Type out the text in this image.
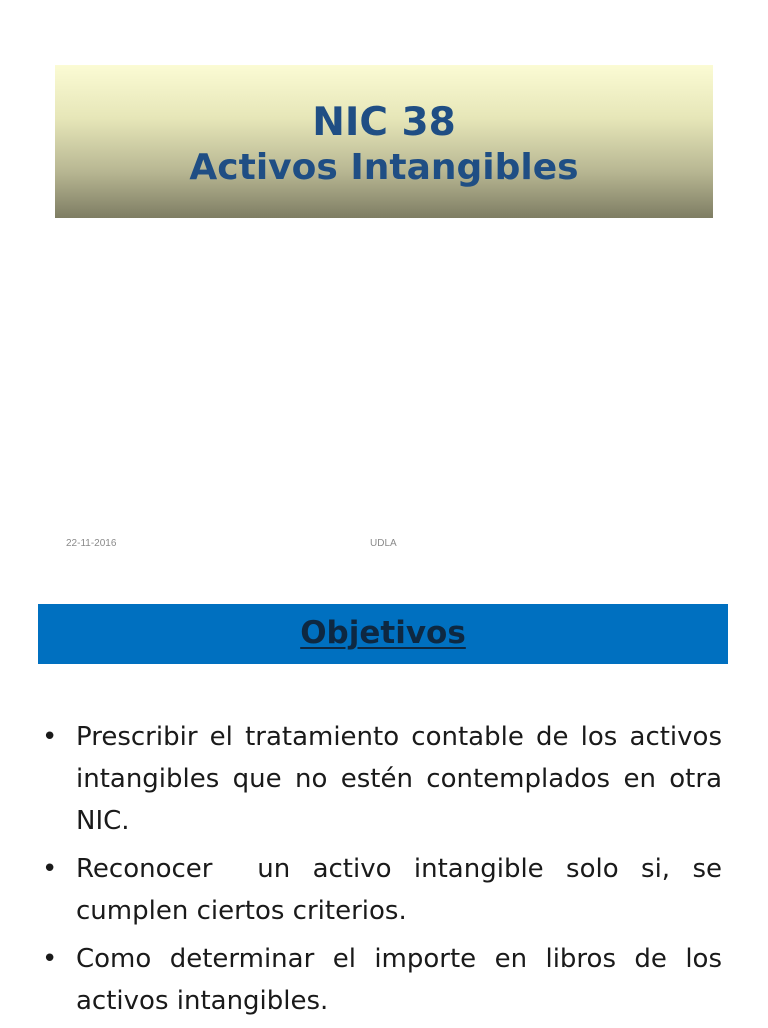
NIC 38
Activos Intangibles
22-11-2016	UDLA
Objetivos
• Prescribir el tratamiento contable de los activos intangibles que no estén contemplados en otra NIC.
• Reconocer  un activo intangible solo si, se cumplen ciertos criterios.
• Como determinar el importe en libros de los activos intangibles.
